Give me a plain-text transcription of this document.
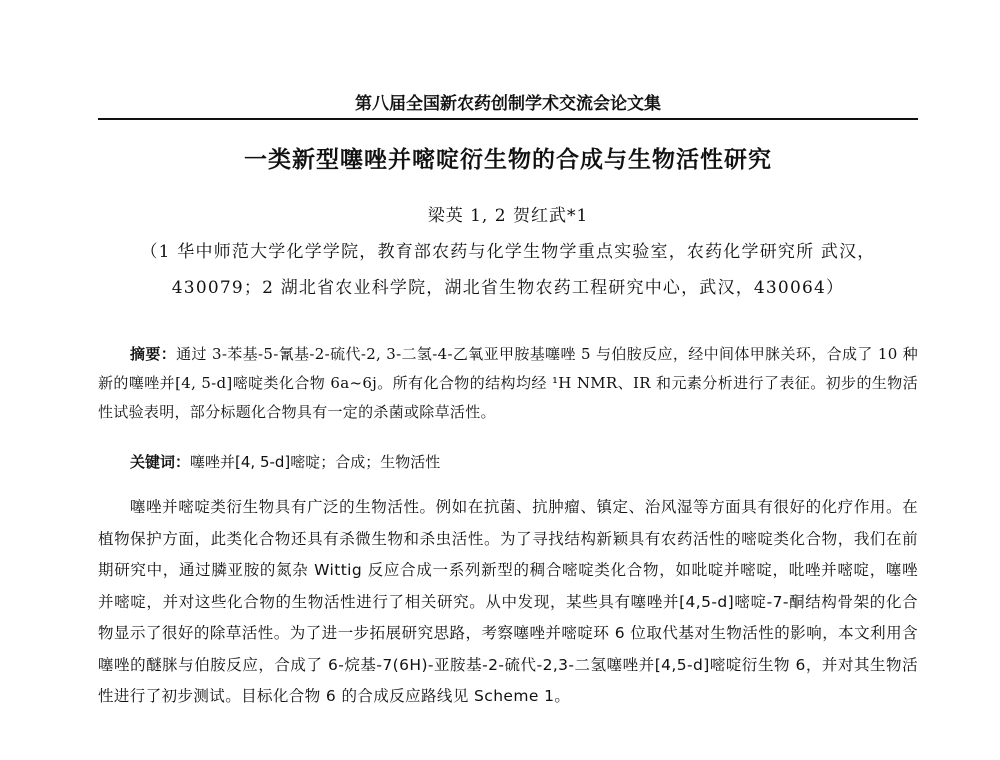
第八届全国新农药创制学术交流会论文集
一类新型噻唑并嘧啶衍生物的合成与生物活性研究
梁英 1, 2 贺红武*1
（1 华中师范大学化学学院，教育部农药与化学生物学重点实验室，农药化学研究所 武汉，430079；2 湖北省农业科学院，湖北省生物农药工程研究中心，武汉，430064）
摘要：通过 3-苯基-5-氰基-2-硫代-2, 3-二氢-4-乙氧亚甲胺基噻唑 5 与伯胺反应，经中间体甲脒关环，合成了 10 种新的噻唑并[4, 5-d]嘧啶类化合物 6a~6j。所有化合物的结构均经 ¹H NMR、IR 和元素分析进行了表征。初步的生物活性试验表明，部分标题化合物具有一定的杀菌或除草活性。
关键词：噻唑并[4, 5-d]嘧啶；合成；生物活性
噻唑并嘧啶类衍生物具有广泛的生物活性。例如在抗菌、抗肿瘤、镇定、治风湿等方面具有很好的化疗作用。在植物保护方面，此类化合物还具有杀微生物和杀虫活性。为了寻找结构新颖具有农药活性的嘧啶类化合物，我们在前期研究中，通过膦亚胺的氮杂 Wittig 反应合成一系列新型的稠合嘧啶类化合物，如吡啶并嘧啶，吡唑并嘧啶，噻唑并嘧啶，并对这些化合物的生物活性进行了相关研究。从中发现，某些具有噻唑并[4,5-d]嘧啶-7-酮结构骨架的化合物显示了很好的除草活性。为了进一步拓展研究思路，考察噻唑并嘧啶环 6 位取代基对生物活性的影响，本文利用含噻唑的醚脒与伯胺反应，合成了 6-烷基-7(6H)-亚胺基-2-硫代-2,3-二氢噻唑并[4,5-d]嘧啶衍生物 6，并对其生物活性进行了初步测试。目标化合物 6 的合成反应路线见 Scheme 1。
